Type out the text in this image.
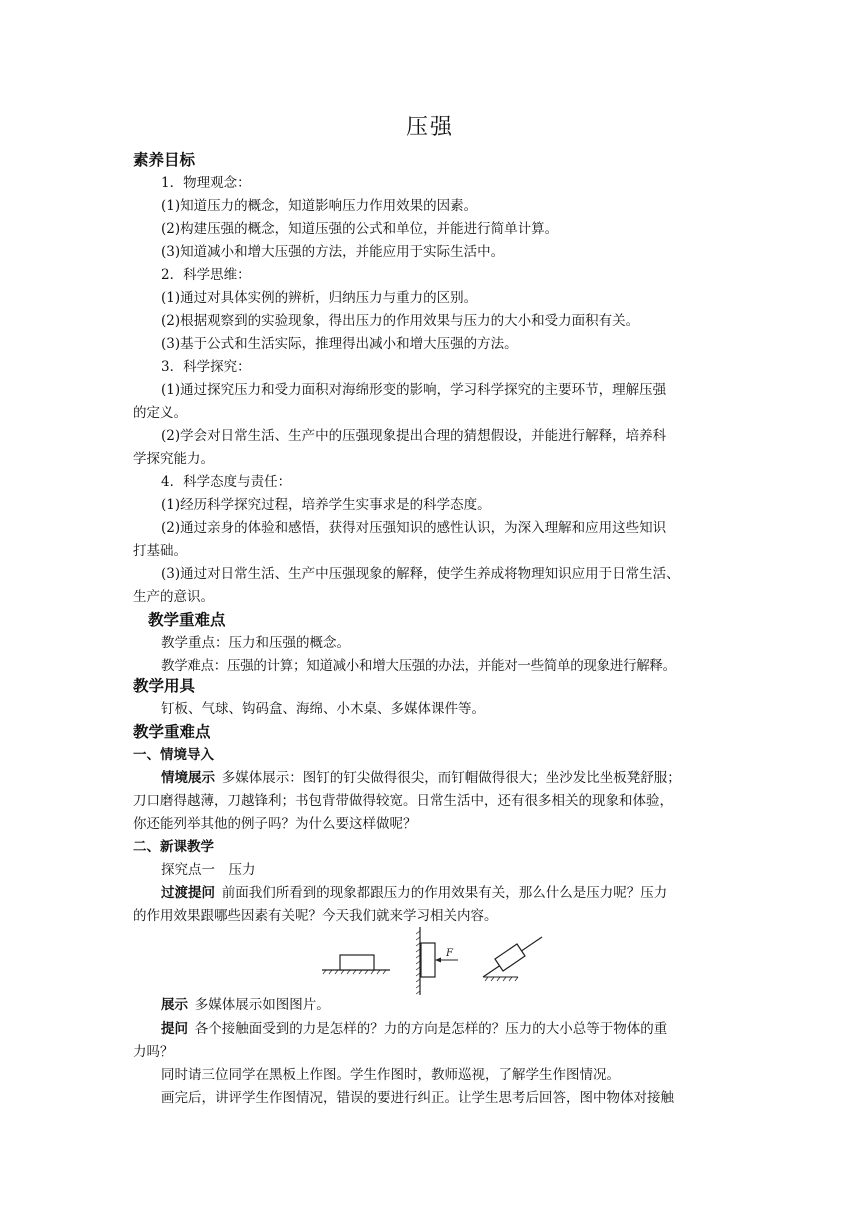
压强
素养目标
1．物理观念：
(1)知道压力的概念，知道影响压力作用效果的因素。
(2)构建压强的概念，知道压强的公式和单位，并能进行简单计算。
(3)知道减小和增大压强的方法，并能应用于实际生活中。
2．科学思维：
(1)通过对具体实例的辨析，归纳压力与重力的区别。
(2)根据观察到的实验现象，得出压力的作用效果与压力的大小和受力面积有关。
(3)基于公式和生活实际，推理得出减小和增大压强的方法。
3．科学探究：
(1)通过探究压力和受力面积对海绵形变的影响，学习科学探究的主要环节，理解压强
的定义。
(2)学会对日常生活、生产中的压强现象提出合理的猜想假设，并能进行解释，培养科
学探究能力。
4．科学态度与责任：
(1)经历科学探究过程，培养学生实事求是的科学态度。
(2)通过亲身的体验和感悟，获得对压强知识的感性认识，为深入理解和应用这些知识
打基础。
(3)通过对日常生活、生产中压强现象的解释，使学生养成将物理知识应用于日常生活、
生产的意识。
教学重难点
教学重点：压力和压强的概念。
教学难点：压强的计算；知道减小和增大压强的办法，并能对一些简单的现象进行解释。
教学用具
钉板、气球、钩码盒、海绵、小木桌、多媒体课件等。
教学重难点
一、情境导入
情境展示  多媒体展示：图钉的钉尖做得很尖，而钉帽做得很大；坐沙发比坐板凳舒服；
刀口磨得越薄，刀越锋利；书包背带做得较宽。日常生活中，还有很多相关的现象和体验，
你还能列举其他的例子吗？为什么要这样做呢？
二、新课教学
探究点一　压力
过渡提问  前面我们所看到的现象都跟压力的作用效果有关，那么什么是压力呢？压力
的作用效果跟哪些因素有关呢？今天我们就来学习相关内容。
F
展示  多媒体展示如图图片。
提问  各个接触面受到的力是怎样的？力的方向是怎样的？压力的大小总等于物体的重
力吗？
同时请三位同学在黑板上作图。学生作图时，教师巡视，了解学生作图情况。
画完后，讲评学生作图情况，错误的要进行纠正。让学生思考后回答，图中物体对接触
